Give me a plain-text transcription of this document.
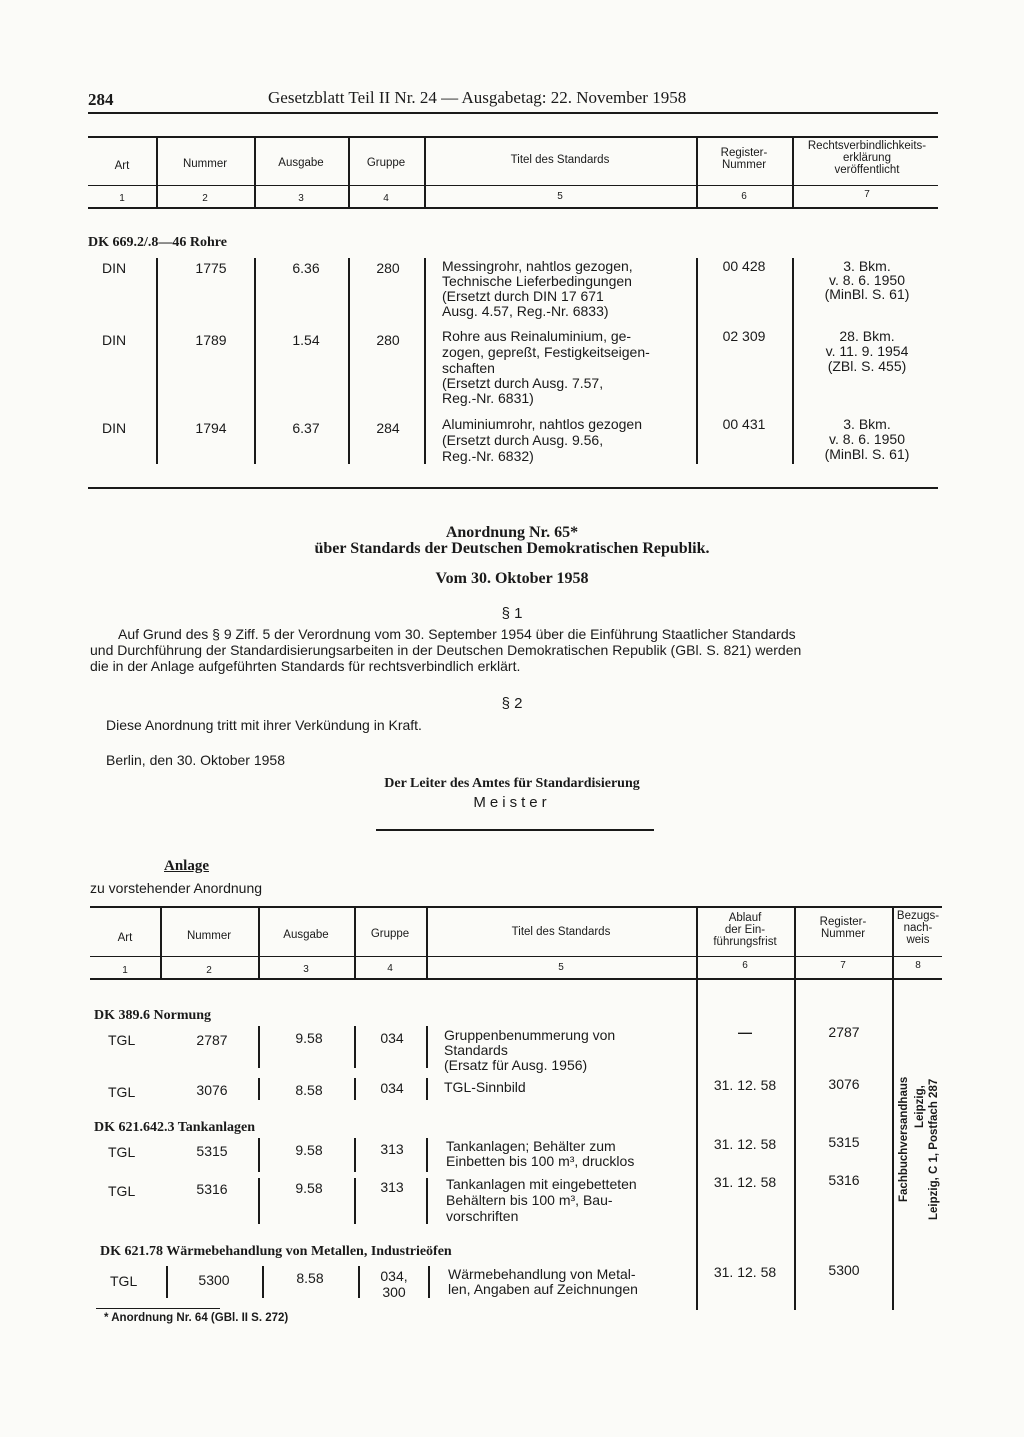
284	Gesetzblatt Teil II Nr. 24 — Ausgabetag: 22. November 1958
Art	Nummer	Ausgabe	Gruppe	Titel des Standards
Register-
Nummer
Rechtsverbindlichkeits-
erklärung
veröffentlicht
1	2	3	4	5	6	7
DK 669.2/.8—46 Rohre
DIN	1775	6.36	280	Messingrohr, nahtlos gezogen,
Technische Lieferbedingungen
(Ersetzt durch DIN 17 671
Ausg. 4.57, Reg.-Nr. 6833)
00 428	3. Bkm.
v. 8. 6. 1950
(MinBl. S. 61)
DIN	1789	1.54	280	Rohre aus Reinaluminium, ge-
zogen, gepreßt, Festigkeitseigen-
schaften
(Ersetzt durch Ausg. 7.57,
Reg.-Nr. 6831)
02 309	28. Bkm.
v. 11. 9. 1954
(ZBl. S. 455)
DIN	1794	6.37	284	Aluminiumrohr, nahtlos gezogen
(Ersetzt durch Ausg. 9.56,
Reg.-Nr. 6832)
00 431	3. Bkm.
v. 8. 6. 1950
(MinBl. S. 61)
Anordnung Nr. 65*
über Standards der Deutschen Demokratischen Republik.
Vom 30. Oktober 1958
§ 1
Auf Grund des § 9 Ziff. 5 der Verordnung vom 30. September 1954 über die Einführung Staatlicher Standards
und Durchführung der Standardisierungsarbeiten in der Deutschen Demokratischen Republik (GBl. S. 821) werden
die in der Anlage aufgeführten Standards für rechtsverbindlich erklärt.
§ 2
Diese Anordnung tritt mit ihrer Verkündung in Kraft.
Berlin, den 30. Oktober 1958
Der Leiter des Amtes für Standardisierung
Meister
Anlage
zu vorstehender Anordnung
Art	Nummer	Ausgabe	Gruppe	Titel des Standards
Ablauf
der Ein-
führungsfrist
Register-
Nummer
Bezugs-
nach-
weis
1	2	3	4	5	6	7	8
DK 389.6 Normung
TGL	2787	9.58	034	Gruppenbenummerung von
Standards
(Ersatz für Ausg. 1956)
—	2787
TGL	3076	8.58	034	TGL-Sinnbild	31. 12. 58	3076
DK 621.642.3 Tankanlagen
TGL	5315	9.58	313	Tankanlagen; Behälter zum
Einbetten bis 100 m³, drucklos
31. 12. 58	5315
TGL	5316	9.58	313	Tankanlagen mit eingebetteten
Behältern bis 100 m³, Bau-
vorschriften
31. 12. 58	5316
DK 621.78 Wärmebehandlung von Metallen, Industrieöfen
TGL	5300	8.58	034,
300
Wärmebehandlung von Metal-
len, Angaben auf Zeichnungen
31. 12. 58	5300
Fachbuchversandhaus Leipzig, Leipzig, C 1, Postfach 287
* Anordnung Nr. 64 (GBl. II S. 272)
